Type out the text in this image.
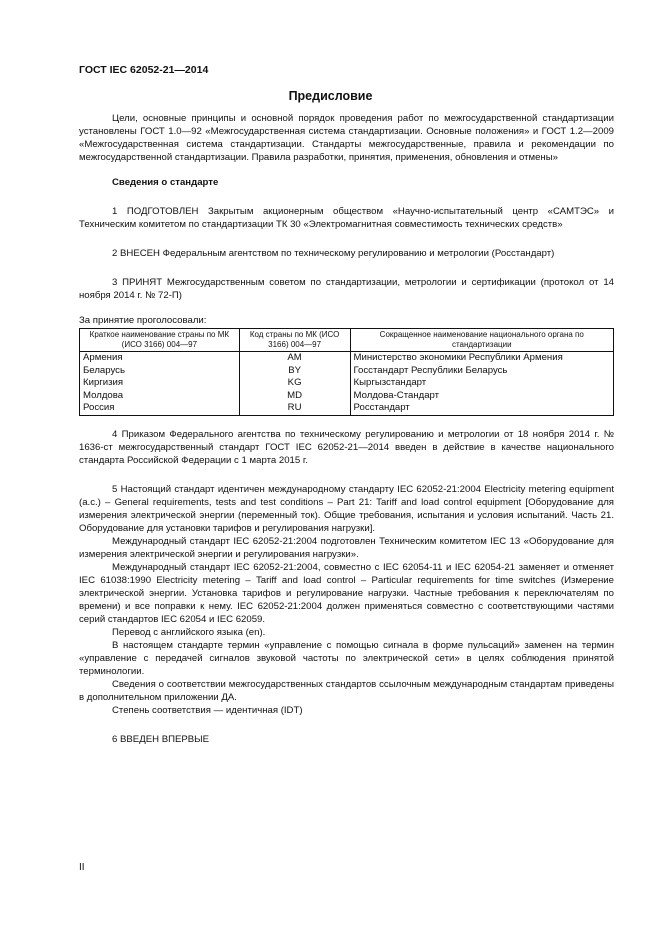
ГОСТ IEC 62052-21—2014
Предисловие

Цели, основные принципы и основной порядок проведения работ по межгосударственной стандартизации установлены ГОСТ 1.0—92 «Межгосударственная система стандартизации. Основные положения» и ГОСТ 1.2—2009 «Межгосударственная система стандартизации. Стандарты межгосударственные, правила и рекомендации по межгосударственной стандартизации. Правила разработки, принятия, применения, обновления и отмены»

Сведения о стандарте

1 ПОДГОТОВЛЕН Закрытым акционерным обществом «Научно-испытательный центр «САМТЭС» и Техническим комитетом по стандартизации ТК 30 «Электромагнитная совместимость технических средств»

2 ВНЕСЕН Федеральным агентством по техническому регулированию и метрологии (Росстандарт)

3 ПРИНЯТ Межгосударственным советом по стандартизации, метрологии и сертификации (протокол от 14 ноября 2014 г. № 72-П)

За принятие проголосовали:

Краткое наименование страны по МК (ИСО 3166) 004—97	Код страны по МК (ИСО 3166) 004—97	Сокращенное наименование национального органа по стандартизации
Армения	AM	Министерство экономики Республики Армения
Беларусь	BY	Госстандарт Республики Беларусь
Киргизия	KG	Кыргызстандарт
Молдова	MD	Молдова-Стандарт
Россия	RU	Росстандарт

4 Приказом Федерального агентства по техническому регулированию и метрологии от 18 ноября 2014 г. № 1636-ст межгосударственный стандарт ГОСТ IEC 62052-21—2014 введен в действие в качестве национального стандарта Российской Федерации с 1 марта 2015 г.

5 Настоящий стандарт идентичен международному стандарту IEC 62052-21:2004 Electricity metering equipment (a.c.) – General requirements, tests and test conditions – Part 21: Tariff and load control equipment [Оборудование для измерения электрической энергии (переменный ток). Общие требования, испытания и условия испытаний. Часть 21. Оборудование для установки тарифов и регулирования нагрузки].

Международный стандарт IEC 62052-21:2004 подготовлен Техническим комитетом IEC 13 «Оборудование для измерения электрической энергии и регулирования нагрузки».

Международный стандарт IEC 62052-21:2004, совместно с IEC 62054-11 и IEC 62054-21 заменяет и отменяет IEC 61038:1990 Electricity metering – Tariff and load control – Particular requirements for time switches (Измерение электрической энергии. Установка тарифов и регулирование нагрузки. Частные требования к переключателям по времени) и все поправки к нему. IEC 62052-21:2004 должен применяться совместно с соответствующими частями серий стандартов IEC 62054 и IEC 62059.

Перевод с английского языка (en).

В настоящем стандарте термин «управление с помощью сигнала в форме пульсаций» заменен на термин «управление с передачей сигналов звуковой частоты по электрической сети» в целях соблюдения принятой терминологии.

Сведения о соответствии межгосударственных стандартов ссылочным международным стандартам приведены в дополнительном приложении ДА.

Степень соответствия — идентичная (IDT)

6 ВВЕДЕН ВПЕРВЫЕ

II
